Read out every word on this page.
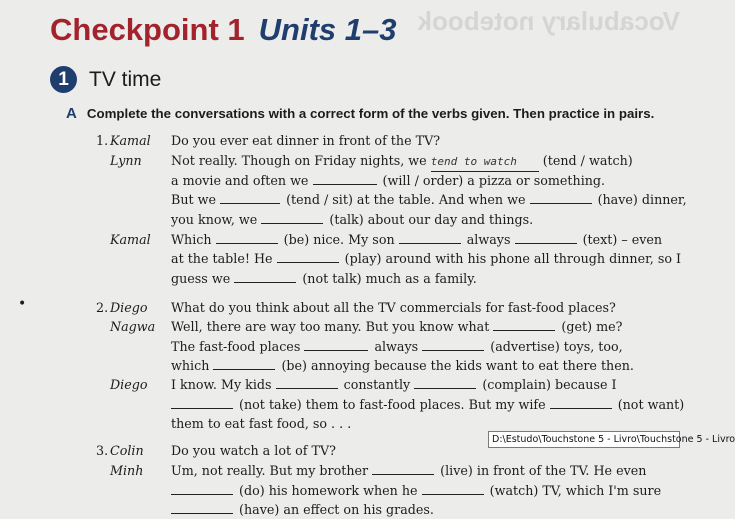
Vocabulary notebook
Checkpoint 1 Units 1–3
1 TV time
A Complete the conversations with a correct form of the verbs given. Then practice in pairs.
1. Kamal Do you ever eat dinner in front of the TV?
Lynn Not really. Though on Friday nights, we tend to watch (tend / watch)
a movie and often we	(will / order) a pizza or something.
But we	(tend / sit) at the table. And when we	(have) dinner,
you know, we	(talk) about our day and things.
Kamal Which	(be) nice. My son	always	(text) – even
at the table! He	(play) around with his phone all through dinner, so I
guess we	(not talk) much as a family.
•	2. Diego What do you think about all the TV commercials for fast-food places?
Nagwa Well, there are way too many. But you know what	(get) me?
The fast-food places	always	(advertise) toys, too,
which	(be) annoying because the kids want to eat there then.
Diego I know. My kids	constantly	(complain) because I
(not take) them to fast-food places. But my wife	(not want)
them to eat fast food, so . . .
3. Colin Do you watch a lot of TV?
Minh Um, not really. But my brother	(live) in front of the TV. He even
(do) his homework when he	(watch) TV, which I'm sure
(have) an effect on his grades.
D:\Estudo\Touchstone 5 - Livro\Touchstone 5 - Livro
